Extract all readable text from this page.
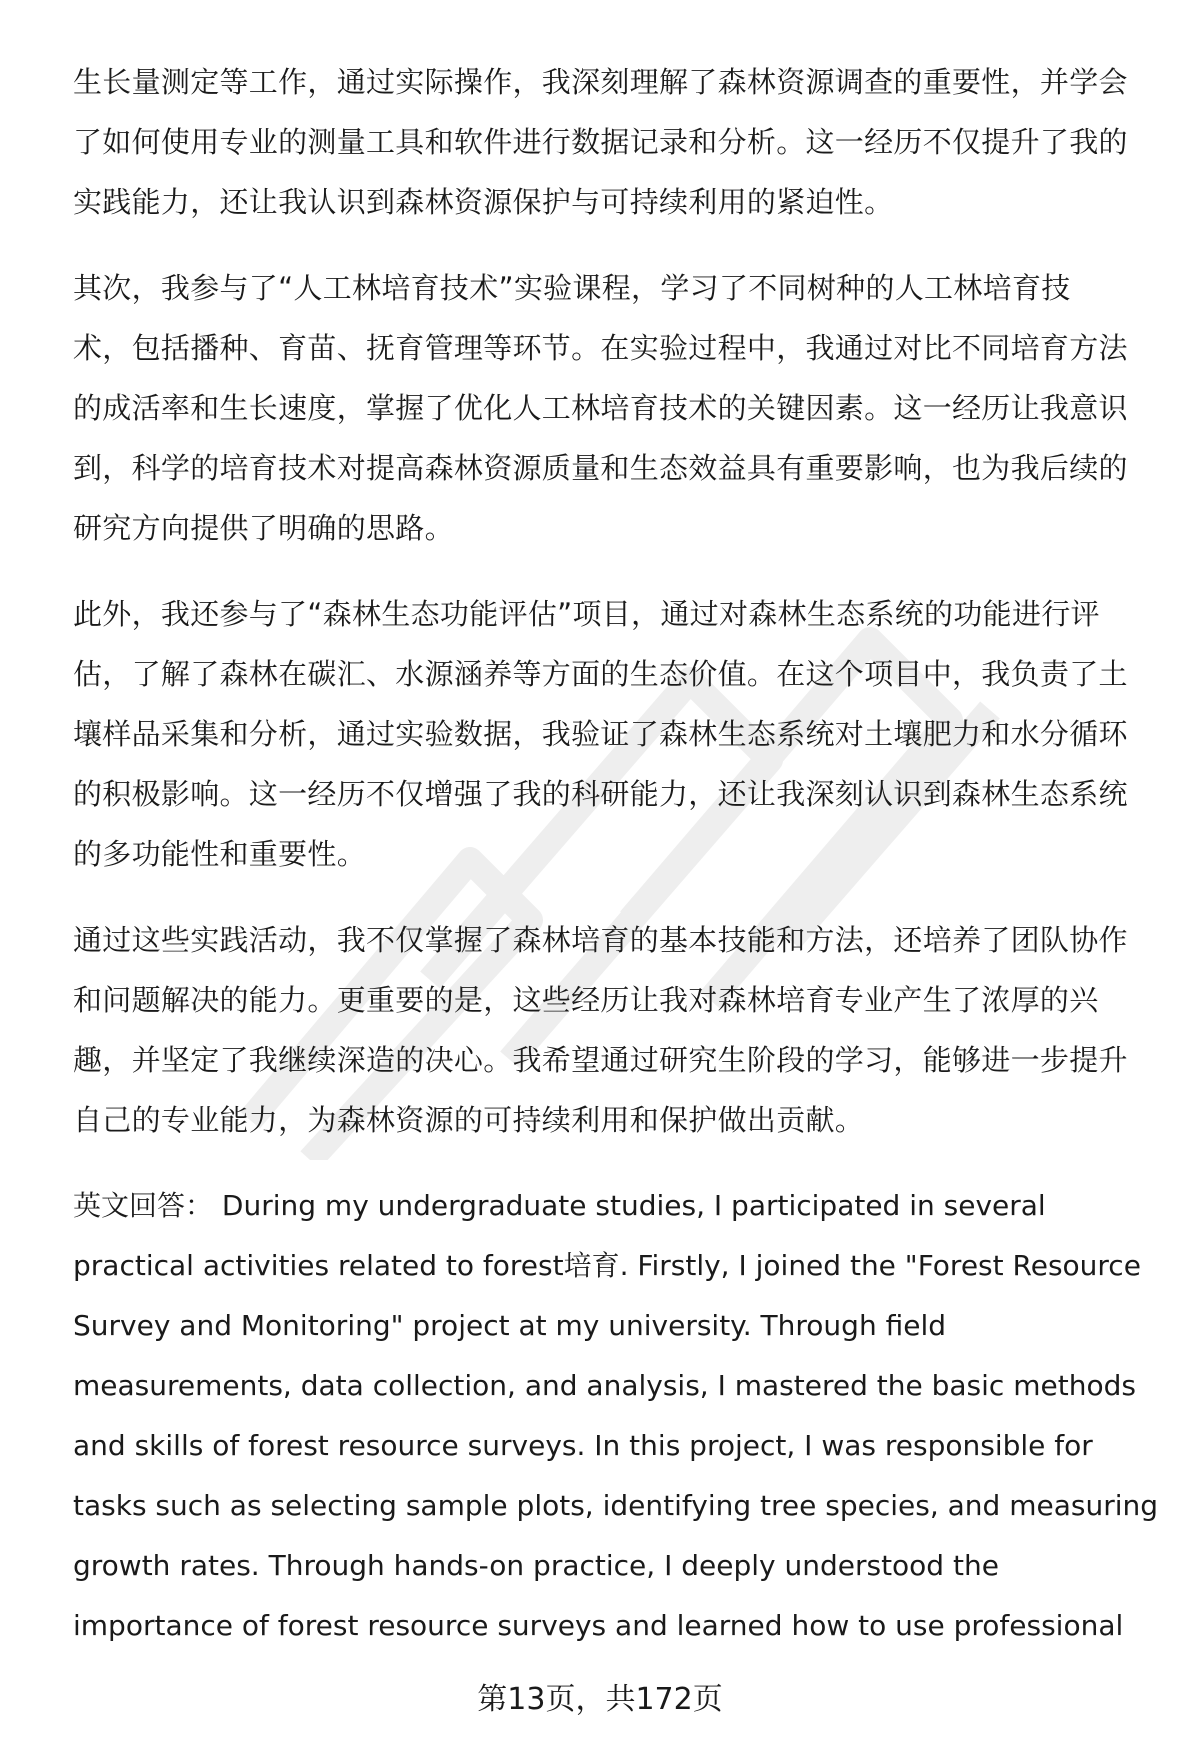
生长量测定等工作，通过实际操作，我深刻理解了森林资源调查的重要性，并学会
了如何使用专业的测量工具和软件进行数据记录和分析。这一经历不仅提升了我的
实践能力，还让我认识到森林资源保护与可持续利用的紧迫性。
其次，我参与了“人工林培育技术”实验课程，学习了不同树种的人工林培育技
术，包括播种、育苗、抚育管理等环节。在实验过程中，我通过对比不同培育方法
的成活率和生长速度，掌握了优化人工林培育技术的关键因素。这一经历让我意识
到，科学的培育技术对提高森林资源质量和生态效益具有重要影响，也为我后续的
研究方向提供了明确的思路。
此外，我还参与了“森林生态功能评估”项目，通过对森林生态系统的功能进行评
估，了解了森林在碳汇、水源涵养等方面的生态价值。在这个项目中，我负责了土
壤样品采集和分析，通过实验数据，我验证了森林生态系统对土壤肥力和水分循环
的积极影响。这一经历不仅增强了我的科研能力，还让我深刻认识到森林生态系统
的多功能性和重要性。
通过这些实践活动，我不仅掌握了森林培育的基本技能和方法，还培养了团队协作
和问题解决的能力。更重要的是，这些经历让我对森林培育专业产生了浓厚的兴
趣，并坚定了我继续深造的决心。我希望通过研究生阶段的学习，能够进一步提升
自己的专业能力，为森林资源的可持续利用和保护做出贡献。
英文回答： During my undergraduate studies, I participated in several
practical activities related to forest培育. Firstly, I joined the "Forest Resource
Survey and Monitoring" project at my university. Through field
measurements, data collection, and analysis, I mastered the basic methods
and skills of forest resource surveys. In this project, I was responsible for
tasks such as selecting sample plots, identifying tree species, and measuring
growth rates. Through hands-on practice, I deeply understood the
importance of forest resource surveys and learned how to use professional
第13页，共172页
